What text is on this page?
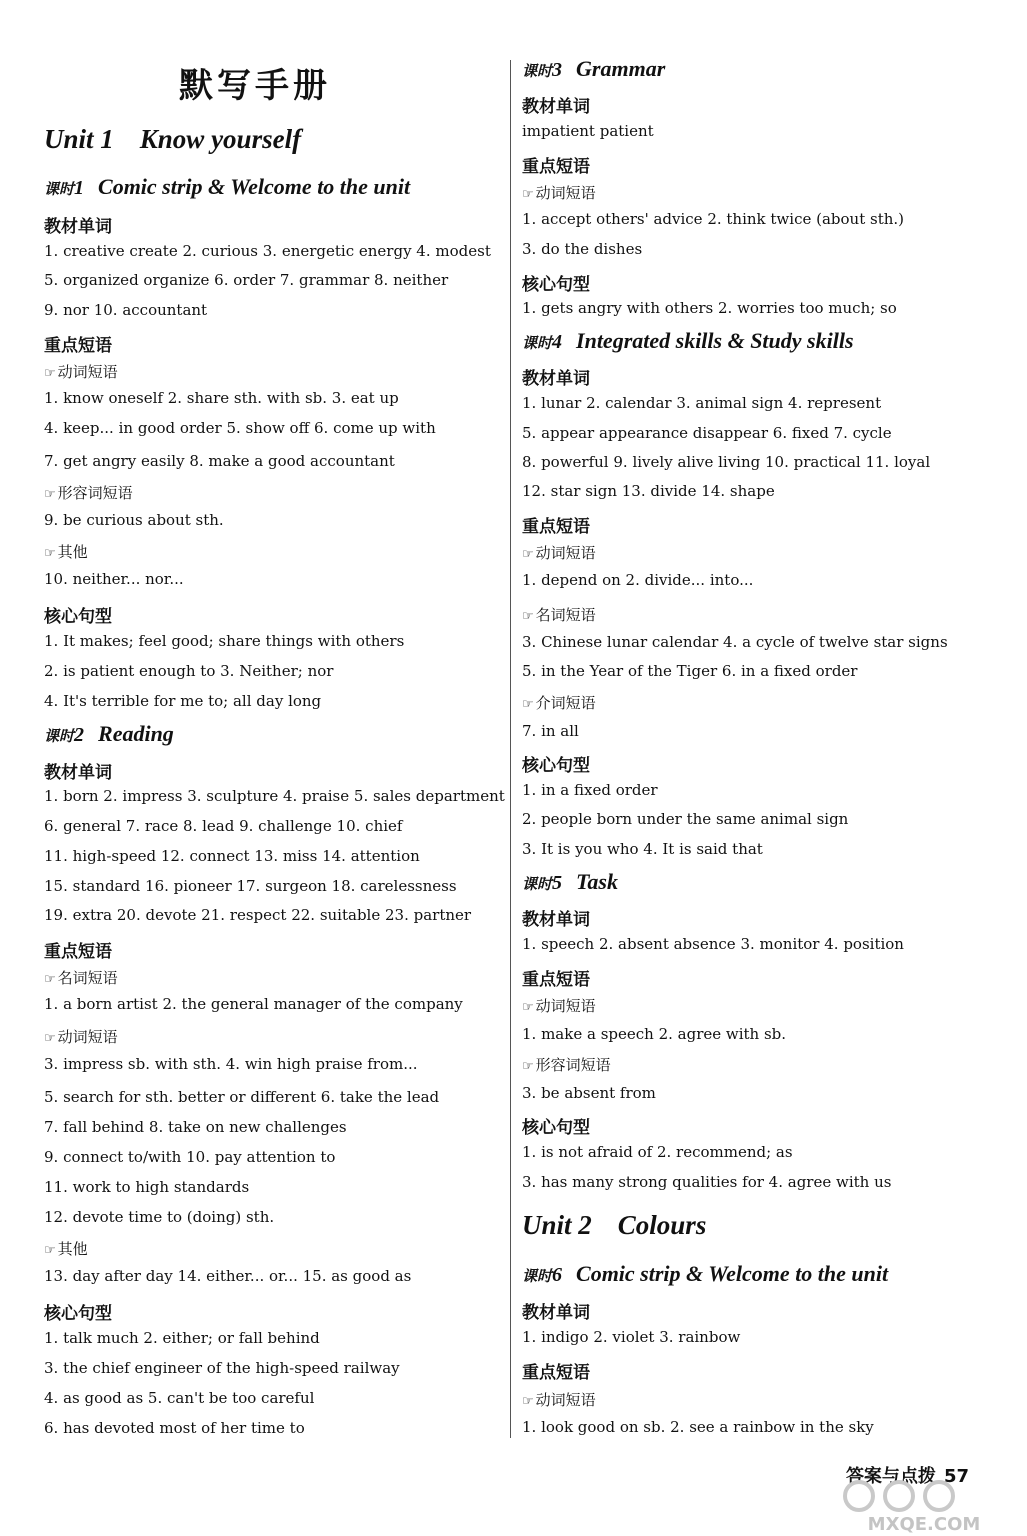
默写手册
Unit 1 Know yourself
课时1 Comic strip & Welcome to the unit
教材单词
1. creative create 2. curious 3. energetic energy 4. modest
5. organized organize 6. order 7. grammar 8. neither
9. nor 10. accountant
重点短语
☞ 动词短语
1. know oneself 2. share sth. with sb. 3. eat up
4. keep... in good order 5. show off 6. come up with
7. get angry easily 8. make a good accountant
☞ 形容词短语
9. be curious about sth.
☞ 其他
10. neither... nor...
核心句型
1. It makes; feel good; share things with others
2. is patient enough to 3. Neither; nor
4. It's terrible for me to; all day long
课时2 Reading
教材单词
1. born 2. impress 3. sculpture 4. praise 5. sales department
6. general 7. race 8. lead 9. challenge 10. chief
11. high-speed 12. connect 13. miss 14. attention
15. standard 16. pioneer 17. surgeon 18. carelessness
19. extra 20. devote 21. respect 22. suitable 23. partner
重点短语
☞ 名词短语
1. a born artist 2. the general manager of the company
☞ 动词短语
3. impress sb. with sth. 4. win high praise from...
5. search for sth. better or different 6. take the lead
7. fall behind 8. take on new challenges
9. connect to/with 10. pay attention to
11. work to high standards
12. devote time to (doing) sth.
☞ 其他
13. day after day 14. either... or... 15. as good as
核心句型
1. talk much 2. either; or fall behind
3. the chief engineer of the high-speed railway
4. as good as 5. can't be too careful
6. has devoted most of her time to
课时3 Grammar
教材单词
impatient patient
重点短语
☞ 动词短语
1. accept others' advice 2. think twice (about sth.)
3. do the dishes
核心句型
1. gets angry with others 2. worries too much; so
课时4 Integrated skills & Study skills
教材单词
1. lunar 2. calendar 3. animal sign 4. represent
5. appear appearance disappear 6. fixed 7. cycle
8. powerful 9. lively alive living 10. practical 11. loyal
12. star sign 13. divide 14. shape
重点短语
☞ 动词短语
1. depend on 2. divide... into...
☞ 名词短语
3. Chinese lunar calendar 4. a cycle of twelve star signs
5. in the Year of the Tiger 6. in a fixed order
☞ 介词短语
7. in all
核心句型
1. in a fixed order
2. people born under the same animal sign
3. It is you who 4. It is said that
课时5 Task
教材单词
1. speech 2. absent absence 3. monitor 4. position
重点短语
☞ 动词短语
1. make a speech 2. agree with sb.
☞ 形容词短语
3. be absent from
核心句型
1. is not afraid of 2. recommend; as
3. has many strong qualities for 4. agree with us
Unit 2 Colours
课时6 Comic strip & Welcome to the unit
教材单词
1. indigo 2. violet 3. rainbow
重点短语
☞ 动词短语
1. look good on sb. 2. see a rainbow in the sky
答案与点拨 57
MXQE.COM
